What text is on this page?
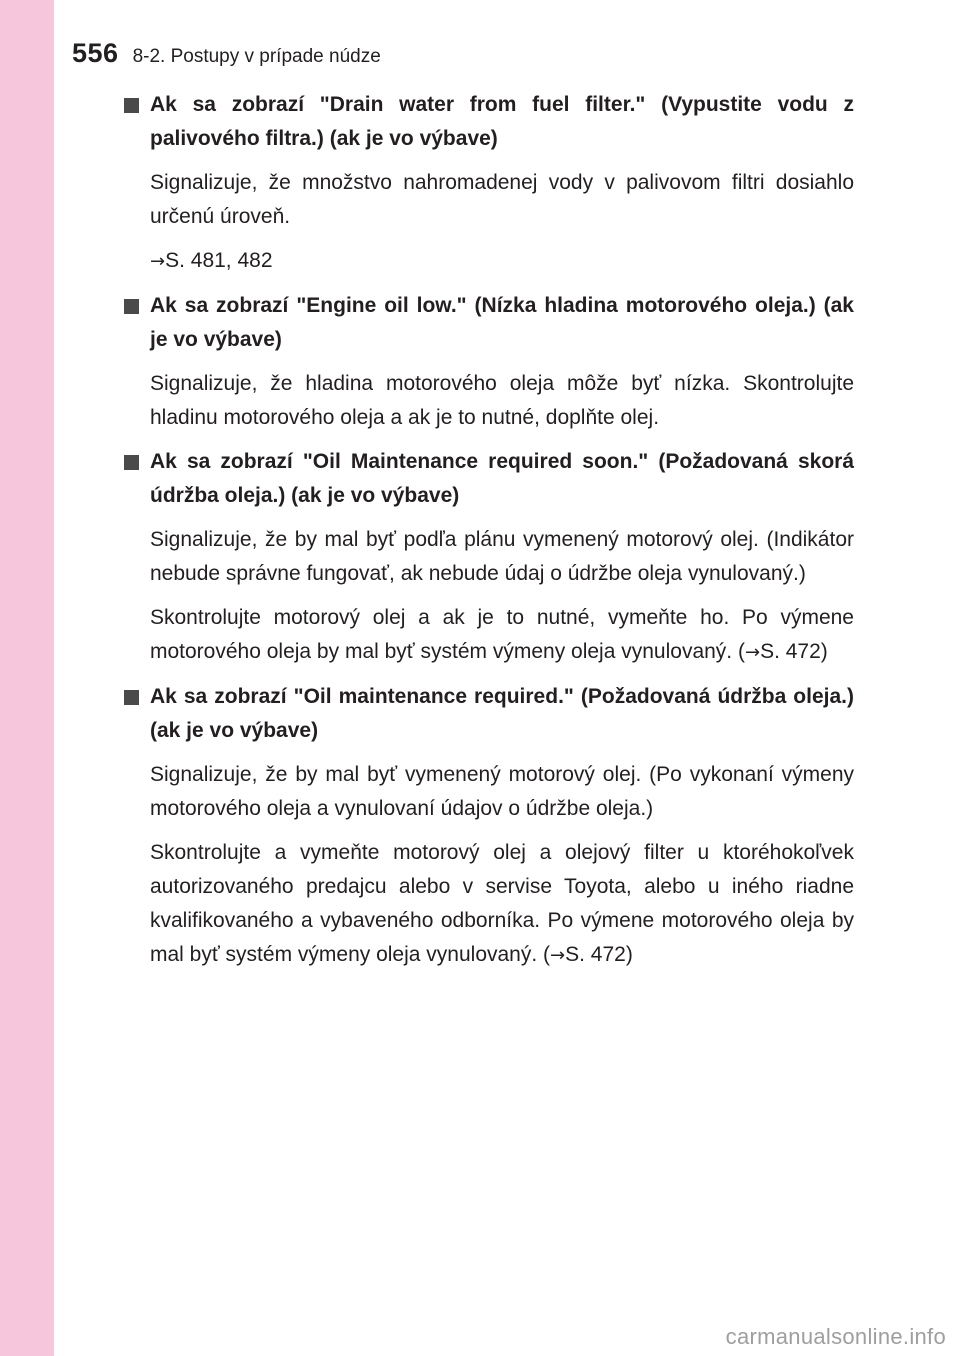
556 8-2. Postupy v prípade núdze
Ak sa zobrazí "Drain water from fuel filter." (Vypustite vodu z palivového filtra.) (ak je vo výbave)

Signalizuje, že množstvo nahromadenej vody v palivovom filtri dosiahlo určenú úroveň.

→S. 481, 482

Ak sa zobrazí "Engine oil low." (Nízka hladina motorového oleja.) (ak je vo výbave)

Signalizuje, že hladina motorového oleja môže byť nízka. Skontrolujte hladinu motorového oleja a ak je to nutné, doplňte olej.

Ak sa zobrazí "Oil Maintenance required soon." (Požadovaná skorá údržba oleja.) (ak je vo výbave)

Signalizuje, že by mal byť podľa plánu vymenený motorový olej. (Indikátor nebude správne fungovať, ak nebude údaj o údržbe oleja vynulovaný.)

Skontrolujte motorový olej a ak je to nutné, vymeňte ho. Po výmene motorového oleja by mal byť systém výmeny oleja vynulovaný. (→S. 472)

Ak sa zobrazí "Oil maintenance required." (Požadovaná údržba oleja.) (ak je vo výbave)

Signalizuje, že by mal byť vymenený motorový olej. (Po vykonaní výmeny motorového oleja a vynulovaní údajov o údržbe oleja.)

Skontrolujte a vymeňte motorový olej a olejový filter u ktoréhokoľvek autorizovaného predajcu alebo v servise Toyota, alebo u iného riadne kvalifikovaného a vybaveného odborníka. Po výmene motorového oleja by mal byť systém výmeny oleja vynulovaný. (→S. 472)

carmanualsonline.info
